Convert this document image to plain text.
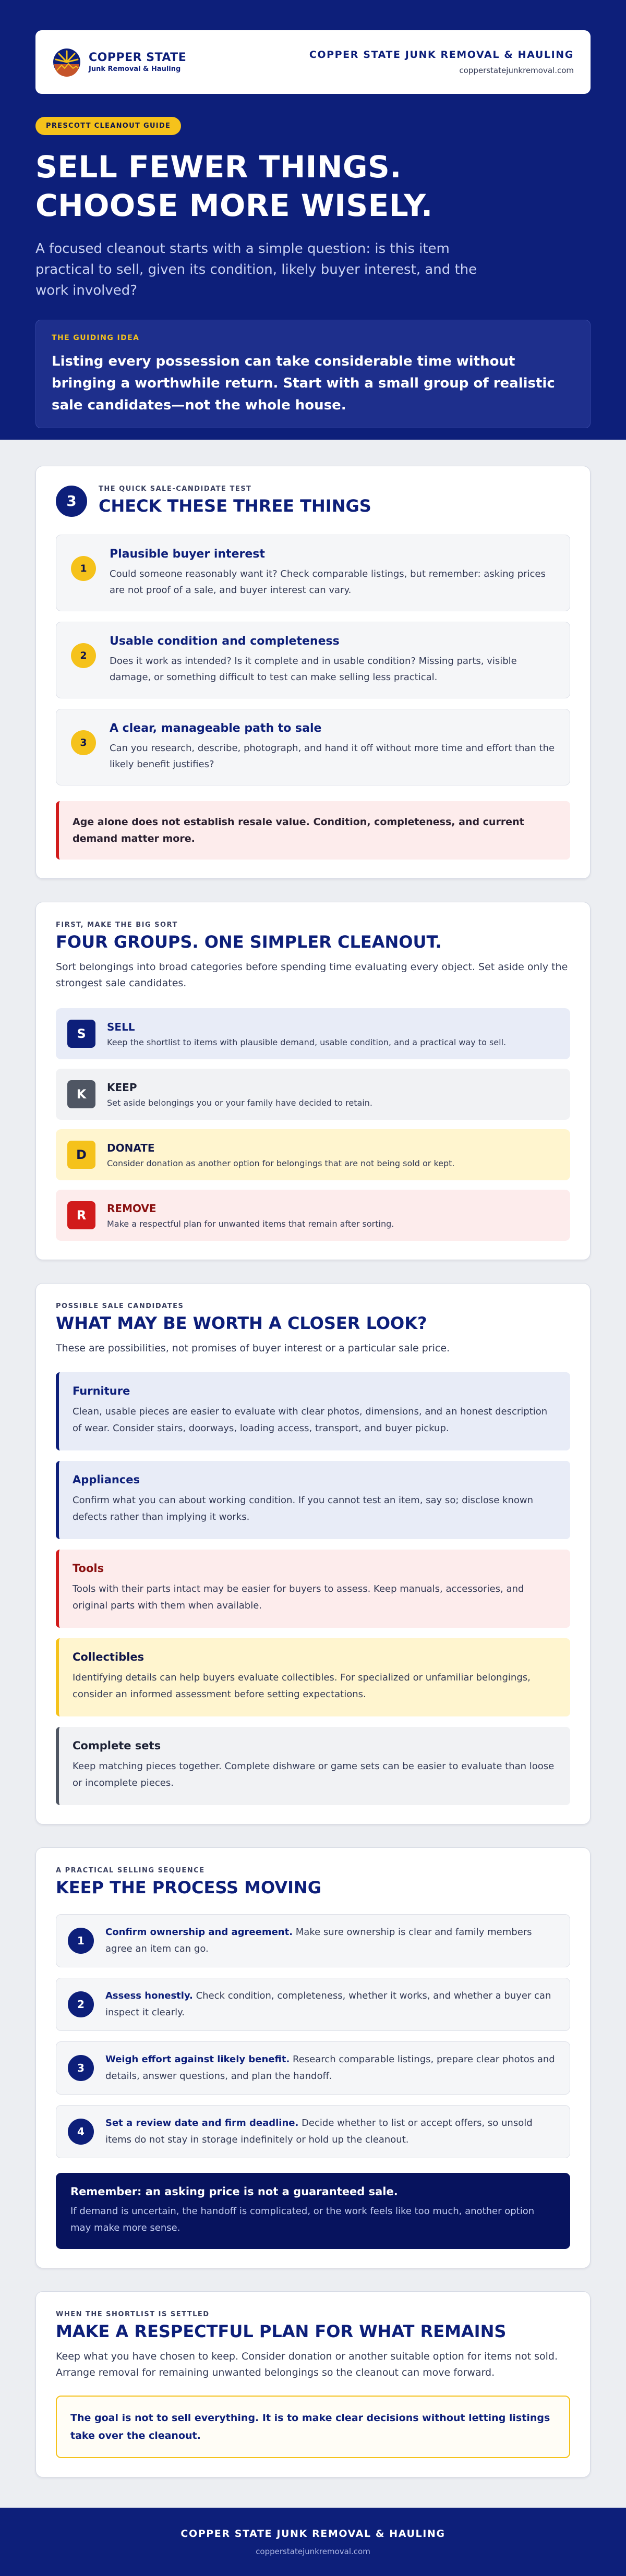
COPPER STATE
Junk Removal & Hauling
COPPER STATE JUNK REMOVAL & HAULING
copperstatejunkremoval.com
PRESCOTT CLEANOUT GUIDE
SELL FEWER THINGS.
CHOOSE MORE WISELY.

A focused cleanout starts with a simple question: is this item practical to sell, given its condition, likely buyer interest, and the work involved?

THE GUIDING IDEA
Listing every possession can take considerable time without bringing a worthwhile return. Start with a small group of realistic sale candidates—not the whole house.
3
THE QUICK SALE-CANDIDATE TEST
CHECK THESE THREE THINGS
1
Plausible buyer interest
Could someone reasonably want it? Check comparable listings, but remember: asking prices are not proof of a sale, and buyer interest can vary.
2
Usable condition and completeness
Does it work as intended? Is it complete and in usable condition? Missing parts, visible damage, or something difficult to test can make selling less practical.
3
A clear, manageable path to sale
Can you research, describe, photograph, and hand it off without more time and effort than the likely benefit justifies?
Age alone does not establish resale value. Condition, completeness, and current demand matter more.
FIRST, MAKE THE BIG SORT
FOUR GROUPS. ONE SIMPLER CLEANOUT.

Sort belongings into broad categories before spending time evaluating every object. Set aside only the strongest sale candidates.

S	SELL
Keep the shortlist to items with plausible demand, usable condition, and a practical way to sell.
K	KEEP
Set aside belongings you or your family have decided to retain.
D	DONATE
Consider donation as another option for belongings that are not being sold or kept.
R	REMOVE
Make a respectful plan for unwanted items that remain after sorting.
POSSIBLE SALE CANDIDATES
WHAT MAY BE WORTH A CLOSER LOOK?

These are possibilities, not promises of buyer interest or a particular sale price.

Furniture
Clean, usable pieces are easier to evaluate with clear photos, dimensions, and an honest description of wear. Consider stairs, doorways, loading access, transport, and buyer pickup.
Appliances
Confirm what you can about working condition. If you cannot test an item, say so; disclose known defects rather than implying it works.
Tools
Tools with their parts intact may be easier for buyers to assess. Keep manuals, accessories, and original parts with them when available.
Collectibles
Identifying details can help buyers evaluate collectibles. For specialized or unfamiliar belongings, consider an informed assessment before setting expectations.
Complete sets
Keep matching pieces together. Complete dishware or game sets can be easier to evaluate than loose or incomplete pieces.
A PRACTICAL SELLING SEQUENCE
KEEP THE PROCESS MOVING
1
Confirm ownership and agreement. Make sure ownership is clear and family members agree an item can go.
2
Assess honestly. Check condition, completeness, whether it works, and whether a buyer can inspect it clearly.
3
Weigh effort against likely benefit. Research comparable listings, prepare clear photos and details, answer questions, and plan the handoff.
4
Set a review date and firm deadline. Decide whether to list or accept offers, so unsold items do not stay in storage indefinitely or hold up the cleanout.
Remember: an asking price is not a guaranteed sale.
If demand is uncertain, the handoff is complicated, or the work feels like too much, another option may make more sense.
WHEN THE SHORTLIST IS SETTLED
MAKE A RESPECTFUL PLAN FOR WHAT REMAINS

Keep what you have chosen to keep. Consider donation or another suitable option for items not sold. Arrange removal for remaining unwanted belongings so the cleanout can move forward.

The goal is not to sell everything. It is to make clear decisions without letting listings take over the cleanout.
COPPER STATE JUNK REMOVAL & HAULING
copperstatejunkremoval.com
